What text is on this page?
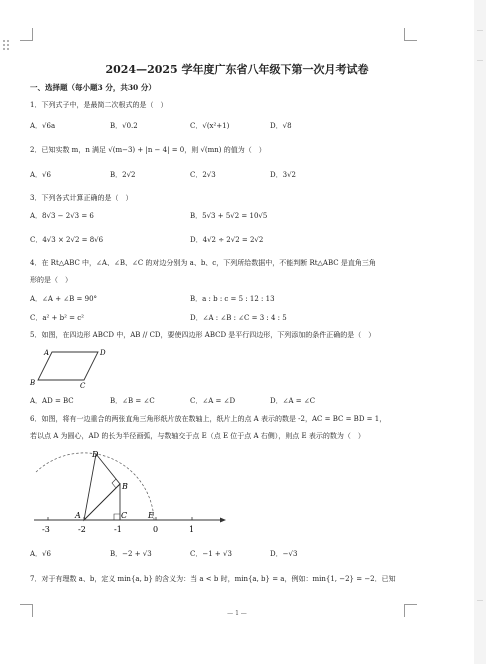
2024—2025 学年度广东省八年级下第一次月考试卷
一、选择题（每小题3 分，共30 分）
1．下列式子中，是最简二次根式的是（　）
A．√6a	B．√0.2	C．√(x²+1)	D．√8
2．已知实数 m，n 满足 √(m−3) + |n − 4| = 0，则 √(mn) 的值为（　）
A．√6	B．2√2	C．2√3	D．3√2
3．下列各式计算正确的是（　）
A．8√3 − 2√3 = 6	B．5√3 + 5√2 = 10√5
C．4√3 × 2√2 = 8√6	D．4√2 ÷ 2√2 = 2√2
4．在 Rt△ABC 中，∠A、∠B、∠C 的对边分别为 a、b、c，下列所给数据中，不能判断 Rt△ABC 是直角三角
形的是（　）
A．∠A + ∠B = 90°	B．a : b : c = 5 : 12 : 13
C．a² + b² = c²	D．∠A : ∠B : ∠C = 3 : 4 : 5
5．如图，在四边形 ABCD 中，AB // CD，要使四边形 ABCD 是平行四边形，下列添加的条件正确的是（　）
A	D
B	C
A．AD = BC	B．∠B = ∠C	C．∠A = ∠D	D．∠A = ∠C
6．如图，将有一边重合的两张直角三角形纸片放在数轴上，纸片上的点 A 表示的数是 -2，AC = BC = BD = 1，
若以点 A 为圆心，AD 的长为半径画弧，与数轴交于点 E（点 E 位于点 A 右侧），则点 E 表示的数为（　）
D
B
A	C	E
-3	-2	-1	0	1
A．√6	B．−2 + √3	C．−1 + √3	D．−√3
7．对于有理数 a、b，定义 min{a, b} 的含义为：当 a < b 时，min{a, b} = a，例如：min{1, −2} = −2．已知
— 1 —
